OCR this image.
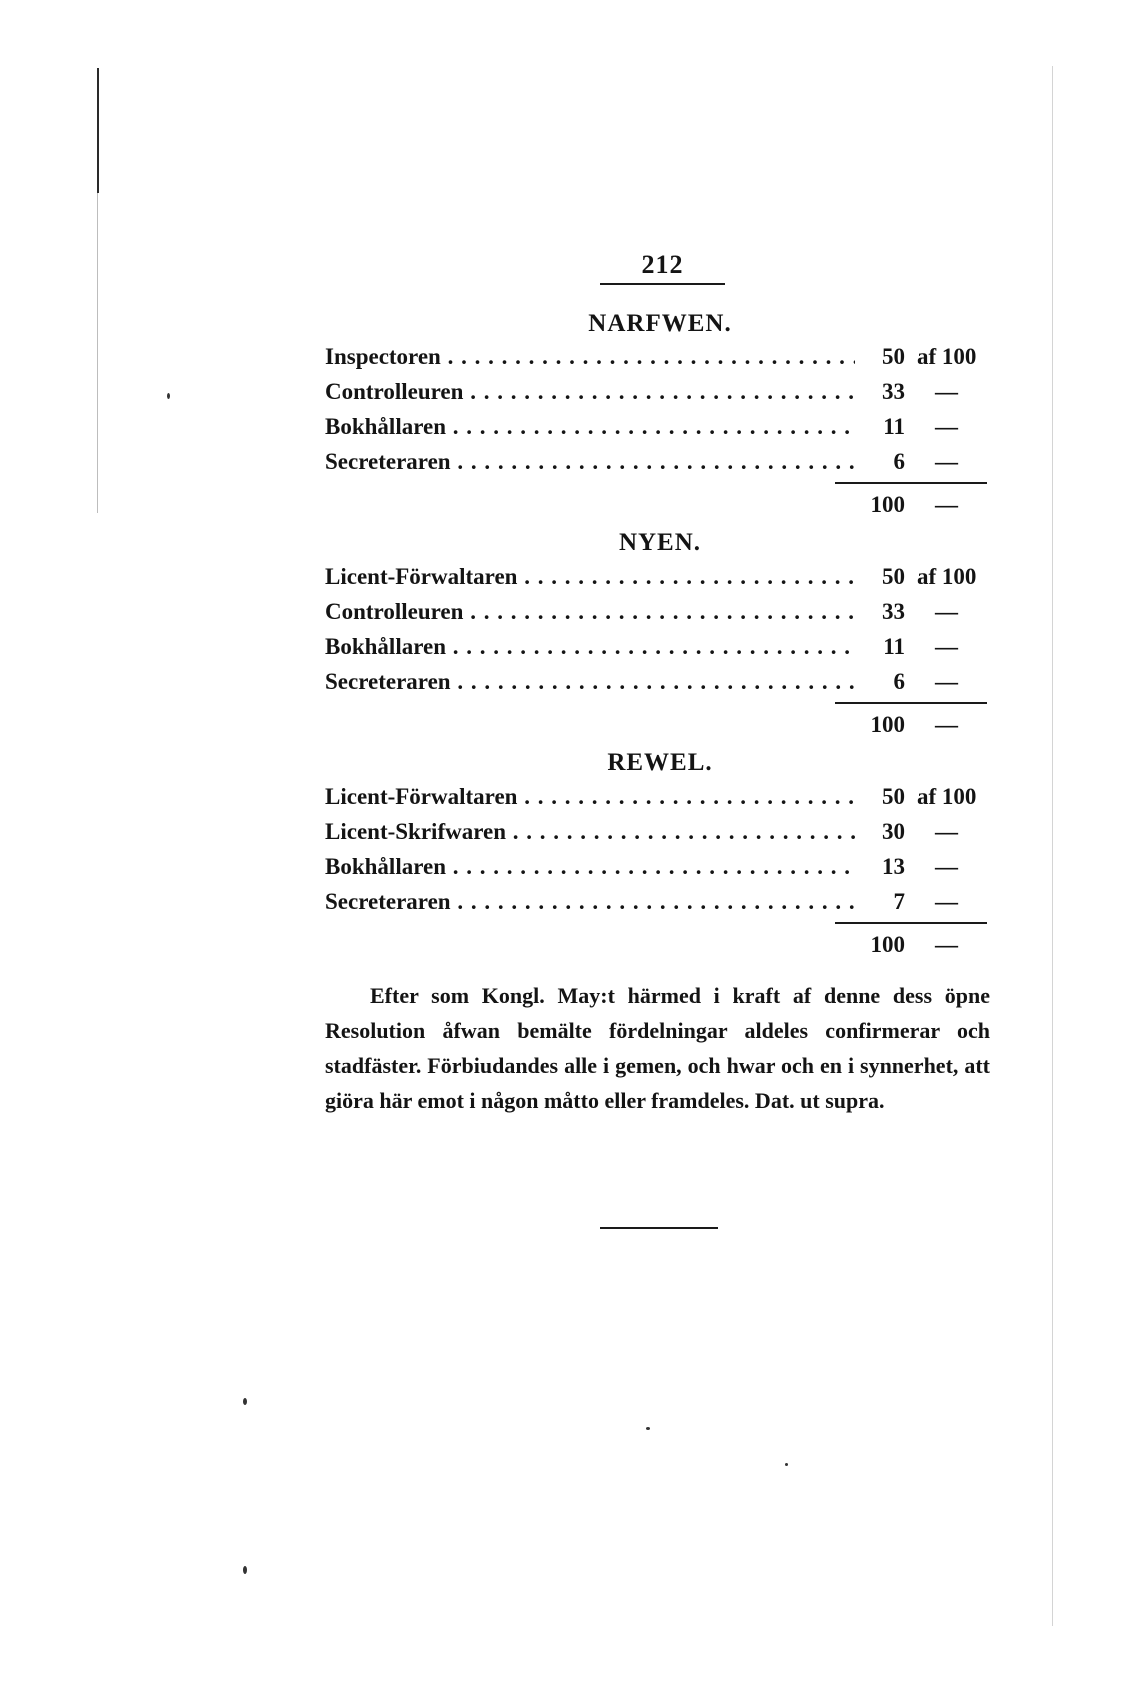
212
NARFWEN.
Inspectoren . . .	50 af 100
Controlleuren . . .	33 —
Bokhållaren . . .	11 —
Secreteraren . . .	6 —
100 —
NYEN.
Licent-Förwaltaren . . .	50 af 100
Controlleuren . . .	33 —
Bokhållaren . . .	11 —
Secreteraren . . .	6 —
100 —
REWEL.
Licent-Förwaltaren . . .	50 af 100
Licent-Skrifwaren . . .	30 —
Bokhållaren . . .	13 —
Secreteraren . . .	7 —
100 —

Efter som Kongl. May:t härmed i kraft af denne dess öpne Resolution åfwan bemälte fördelningar aldeles confirmerar och stadfäster. Förbiudandes alle i gemen, och hwar och en i synnerhet, att giöra här emot i någon måtto eller framdeles. Dat. ut supra.
